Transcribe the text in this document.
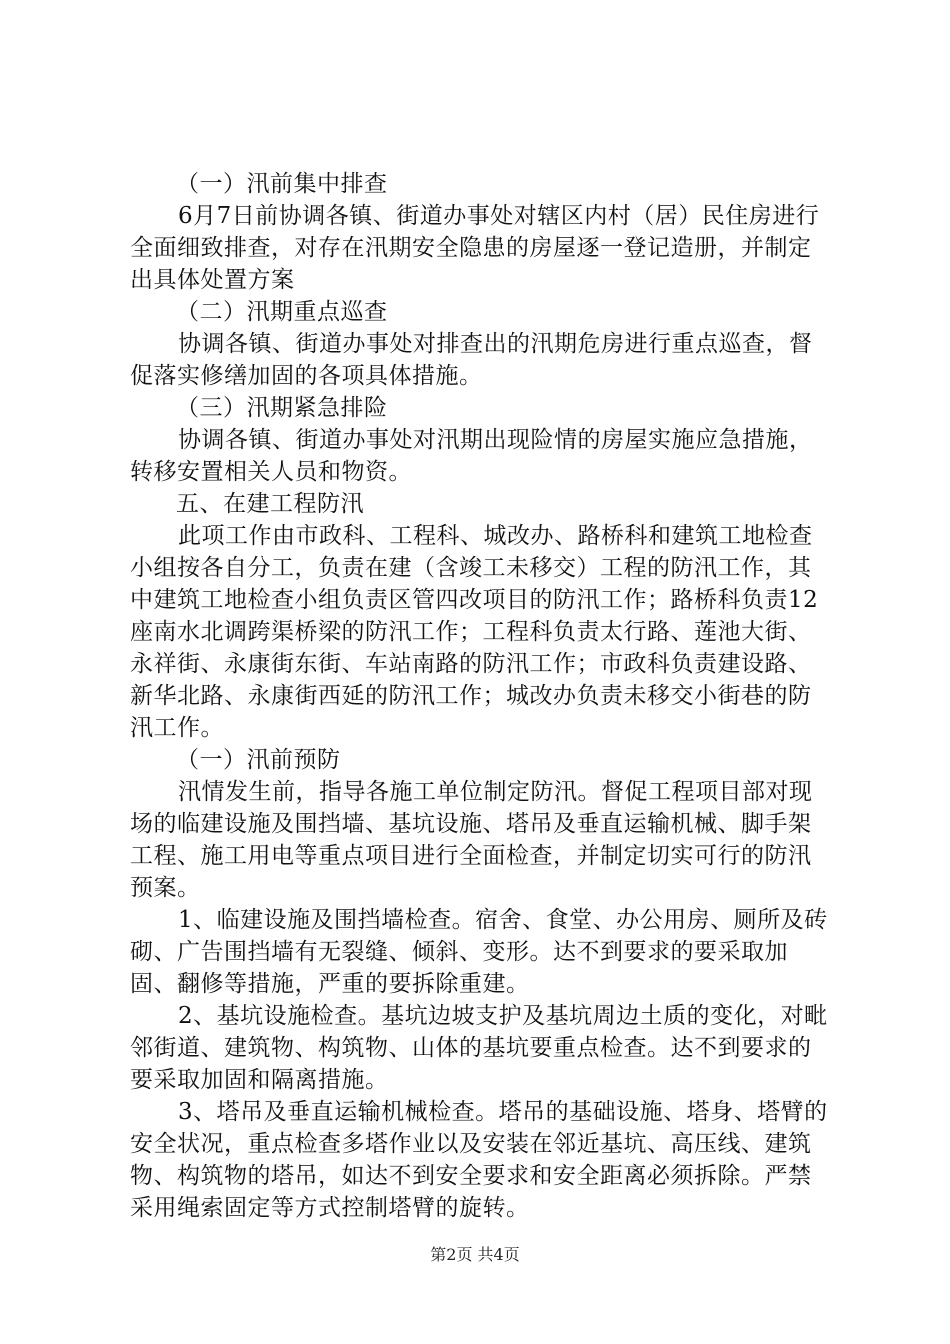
（一）汛前集中排查

6月7日前协调各镇、街道办事处对辖区内村（居）民住房进行全面细致排查，对存在汛期安全隐患的房屋逐一登记造册，并制定出具体处置方案

（二）汛期重点巡查

协调各镇、街道办事处对排查出的汛期危房进行重点巡查，督促落实修缮加固的各项具体措施。

（三）汛期紧急排险

协调各镇、街道办事处对汛期出现险情的房屋实施应急措施，转移安置相关人员和物资。

五、在建工程防汛

此项工作由市政科、工程科、城改办、路桥科和建筑工地检查小组按各自分工，负责在建（含竣工未移交）工程的防汛工作，其中建筑工地检查小组负责区管四改项目的防汛工作；路桥科负责12座南水北调跨渠桥梁的防汛工作；工程科负责太行路、莲池大街、永祥街、永康街东街、车站南路的防汛工作；市政科负责建设路、新华北路、永康街西延的防汛工作；城改办负责未移交小街巷的防汛工作。

（一）汛前预防

汛情发生前，指导各施工单位制定防汛。督促工程项目部对现场的临建设施及围挡墙、基坑设施、塔吊及垂直运输机械、脚手架工程、施工用电等重点项目进行全面检查，并制定切实可行的防汛预案。

1、临建设施及围挡墙检查。宿舍、食堂、办公用房、厕所及砖砌、广告围挡墙有无裂缝、倾斜、变形。达不到要求的要采取加固、翻修等措施，严重的要拆除重建。

2、基坑设施检查。基坑边坡支护及基坑周边土质的变化，对毗邻街道、建筑物、构筑物、山体的基坑要重点检查。达不到要求的要采取加固和隔离措施。

3、塔吊及垂直运输机械检查。塔吊的基础设施、塔身、塔臂的安全状况，重点检查多塔作业以及安装在邻近基坑、高压线、建筑物、构筑物的塔吊，如达不到安全要求和安全距离必须拆除。严禁采用绳索固定等方式控制塔臂的旋转。

第2页 共4页
